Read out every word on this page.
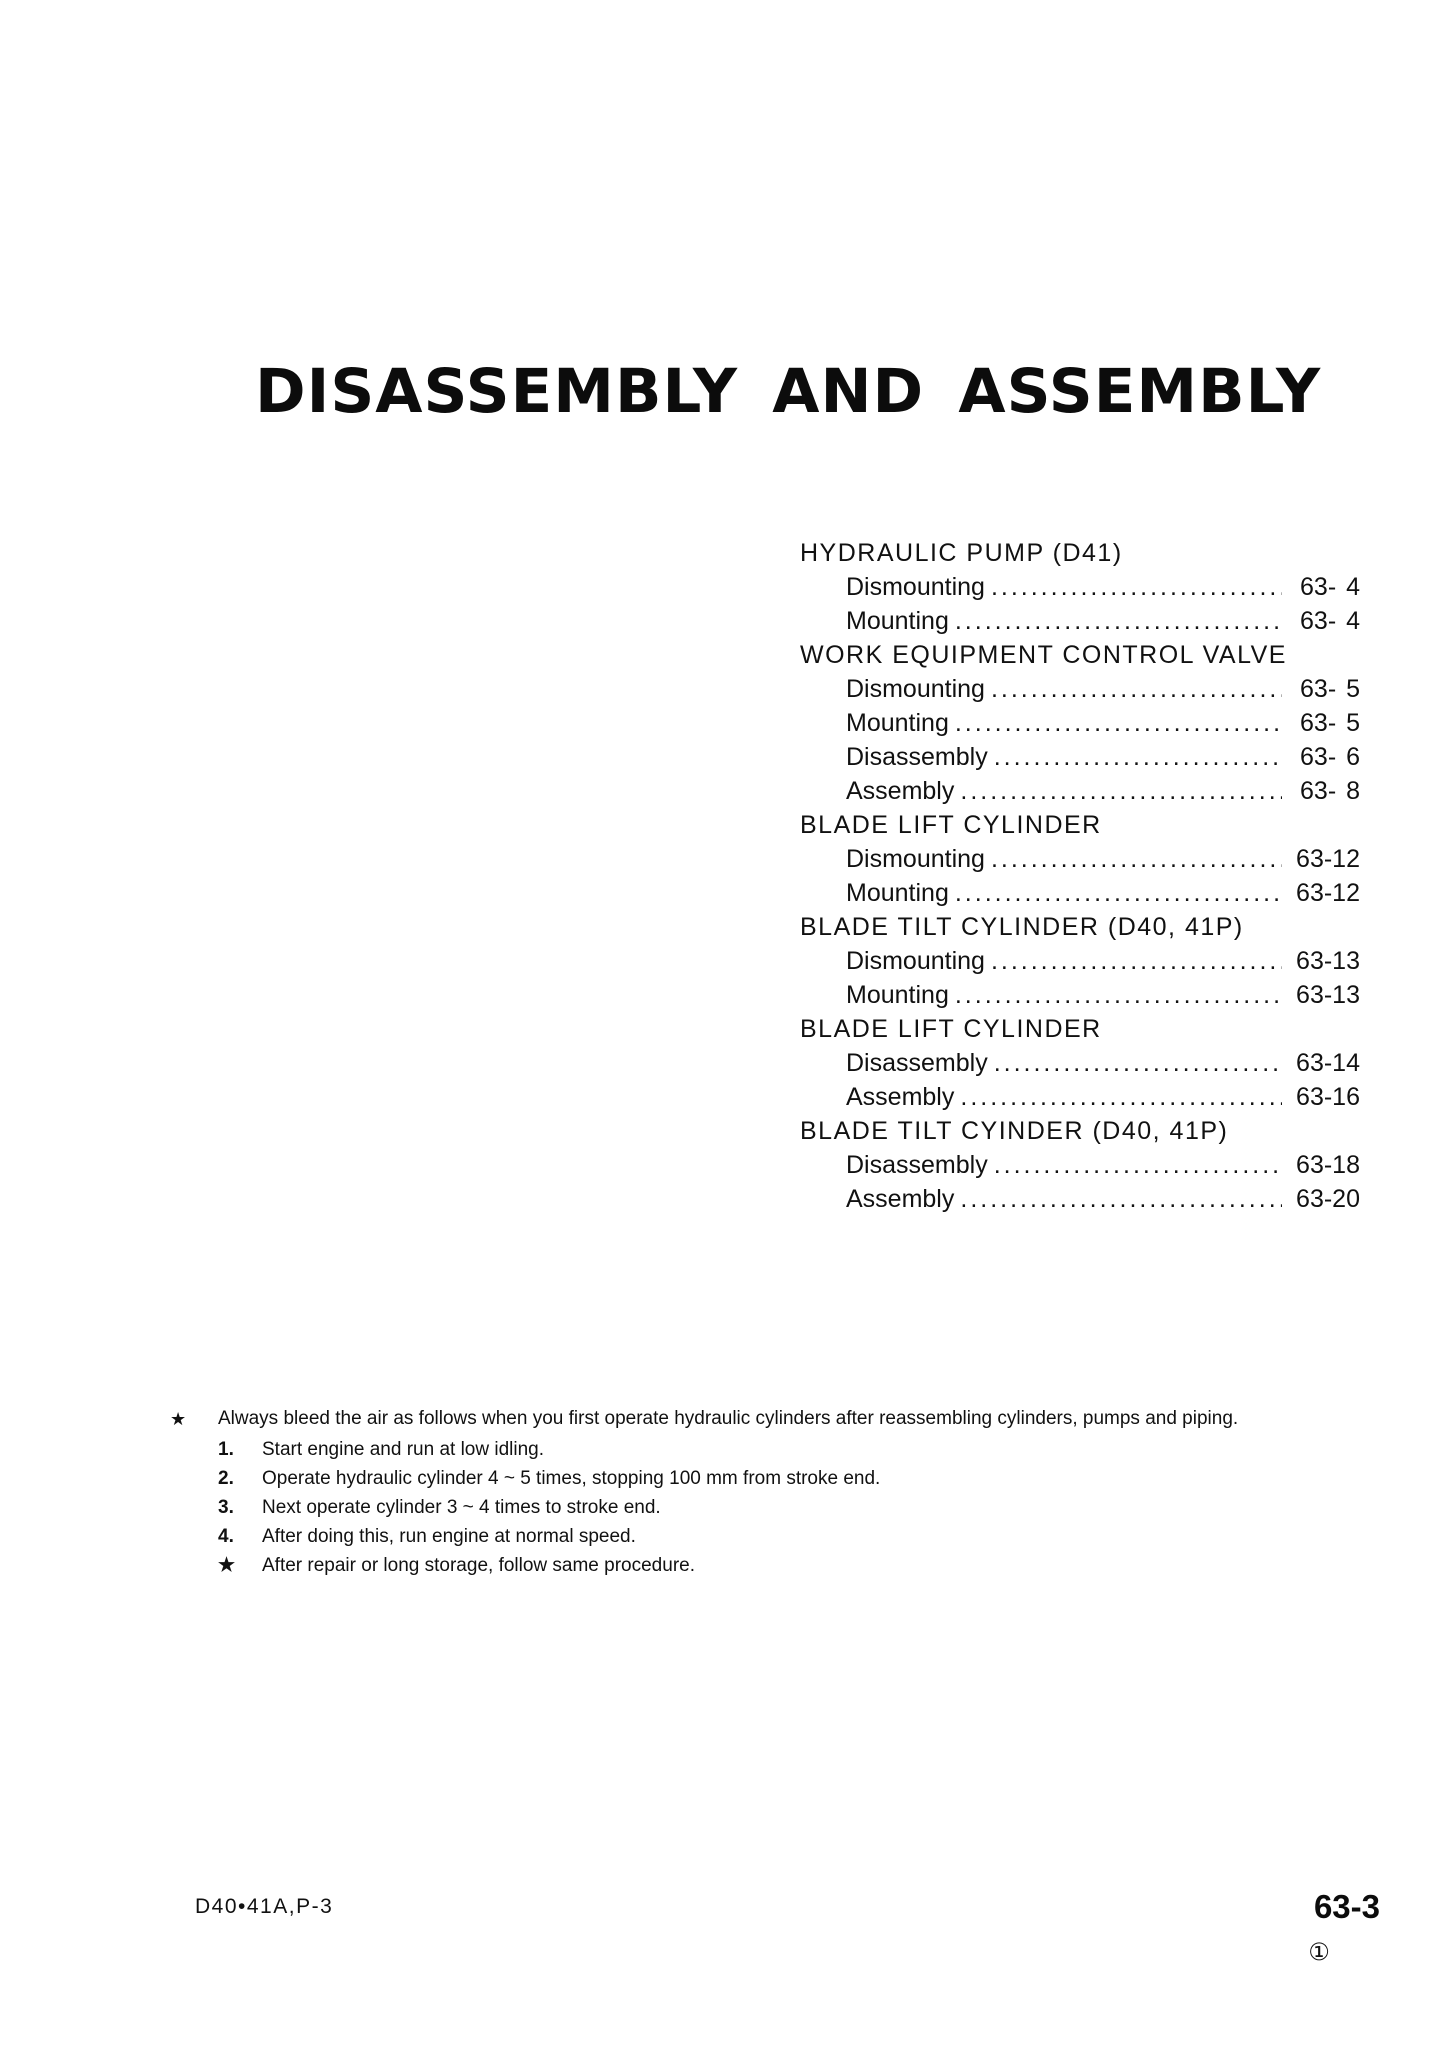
DISASSEMBLY AND ASSEMBLY
HYDRAULIC PUMP (D41)
Dismounting .....	63- 4
Mounting .....	63- 4
WORK EQUIPMENT CONTROL VALVE
Dismounting .....	63- 5
Mounting .....	63- 5
Disassembly .....	63- 6
Assembly .....	63- 8
BLADE LIFT CYLINDER
Dismounting .....	63-12
Mounting .....	63-12
BLADE TILT CYLINDER (D40, 41P)
Dismounting .....	63-13
Mounting .....	63-13
BLADE LIFT CYLINDER
Disassembly .....	63-14
Assembly .....	63-16
BLADE TILT CYINDER (D40, 41P)
Disassembly .....	63-18
Assembly .....	63-20
★ Always bleed the air as follows when you first operate hydraulic cylinders after reassembling cylinders, pumps and piping.
1.	Start engine and run at low idling.
2.	Operate hydraulic cylinder 4 ~ 5 times, stopping 100 mm from stroke end.
3.	Next operate cylinder 3 ~ 4 times to stroke end.
4.	After doing this, run engine at normal speed.
★	After repair or long storage, follow same procedure.
D40•41A,P-3	63-3
①
